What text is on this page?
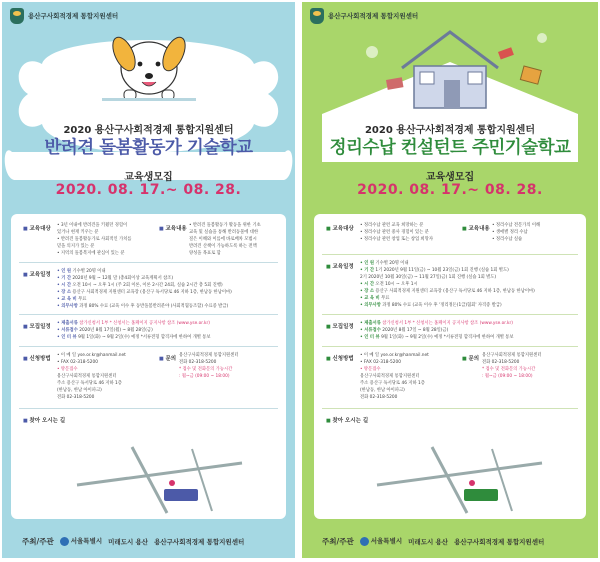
용산구사회적경제 통합지원센터
2020 용산구사회적경제 통합지원센터
반려견 돌봄활동가 기술학교
교육생모집
2020. 08. 17.~ 08. 28.
■ 교육대상
• 3년 이내에 반려견을 키웠던 경험이
있거나 현재 키우는 분
• 반려견 돌봄활동가로 사회적인 가치를
믿을 의지가 있는 분
• 지역의 돌봄복지에 관심이 있는 분
■ 교육내용
• 반려견 돌봄활동가 활동을 위한 기초
교육 및 실습을 통해 반려동물에 대한
질은 이해와 이를에 바로배차 모범시
반려견 산책이 가능하도록 하는 전액
양성을 목표로 함
■ 교육일정
• 인 원 기수별 20명 이내
• 기 간 2020년 9월 ~ 12월 말 (총4회이상 교육계획서 참조)
• 시 간 오전 10시 ~ 오후 1시 (주 2회 이론, 이론 2시간 24회, 실습 2시간 총 5회 진행)
• 장 소 용산구 사회적경제 지원센터 교육장 (용산구 독서당로 46 지하 1층, 한남동 한남이마)
• 교 육 비 무료
• 의무사항 과정 80% 수료 (교육 이수 후 동반돌봄반려분야 (사회적협동조합) 수료증 발급)
■ 모집일정
• 제출서류 참가신청서 1부 * 신청서는 홈페이지 공지사항 참조 (www.yse.or.kr)
• 서류접수 2020년 8월 17일(월) ~ 8월 28일(금)
• 인 터 뷰 9월 1일(화) ~ 9월 2일(수) 예정 *서류전형 합격자에 한하여 개별 통보
■ 신청방법
• 이 메 일 yse.or.kr@hanmail.net
• FAX 02-318-5200
• 방문접수
용산구사회적경제 통합지원센터
주소 용산구 독서당로 46 지하 1층
(한남동, 한남 아이파크)
전화 02-318-5200
■ 문의
용산구사회적경제 통합지원센터
전화 02-318-5200
* 접수 및 전화문의 가능시간
: 월~금 (09:00 ~ 18:00)
■ 찾아 오시는 길
주최/주관	서울특별시 미래도시 용산 용산구사회적경제 통합지원센터
용산구사회적경제 통합지원센터
2020 용산구사회적경제 통합지원센터
정리수납 컨설턴트 주민기술학교
교육생모집
2020. 08. 17.~ 08. 28.
■ 교육대상
• 정리수납 관련 교육 희망하는 분
• 정리수납 관련 중사 경험이 있는 분
• 정리수납 관련 창업 또는 창업 희망자
■ 교육내용
• 정리수납 전문가의 이해
• 생애별 정리 수납
• 정리수납 실습
■ 교육일정
• 인 원 기수별 20명 이내
• 기 간 1기 2020년 9월 11일(금) ~ 10월 23일(금) 1회 진행 (실습 1회 별도)
2기 2020년 10월 30일(금) ~ 11월 27일(금) 1회 진행 (실습 1회 별도)
• 시 간 오전 10시 ~ 오후 1시
• 장 소 용산구 사회적경제 지원센터 교육장 (용산구 독서당로 46 지하 1층, 한남동 한남이마)
• 교 육 비 무료
• 의무사항 과정 80% 수료 (교육 이수 후 '정리정돈(1급)협회' 자격증 발급)
■ 모집일정
• 제출서류 참가신청서 1부 * 신청서는 홈페이지 공지사항 참조 (www.yse.or.kr)
• 서류접수 2020년 8월 17일 ~ 8월 28일(금)
• 인 터 뷰 9월 1일(화) ~ 9월 2일(수) 예정 *서류전형 합격자에 한하여 개별 통보
■ 신청방법
• 이 메 일 yse.or.kr@hanmail.net
• FAX 02-318-5200
• 방문접수
용산구사회적경제 통합지원센터
주소 용산구 독서당로 46 지하 1층
(한남동, 한남 아이파크)
전화 02-318-5200
■ 문의
용산구사회적경제 통합지원센터
전화 02-318-5200
* 접수 및 전화문의 가능시간
: 월~금 (09:00 ~ 18:00)
■ 찾아 오시는 길
주최/주관	서울특별시 미래도시 용산 용산구사회적경제 통합지원센터
